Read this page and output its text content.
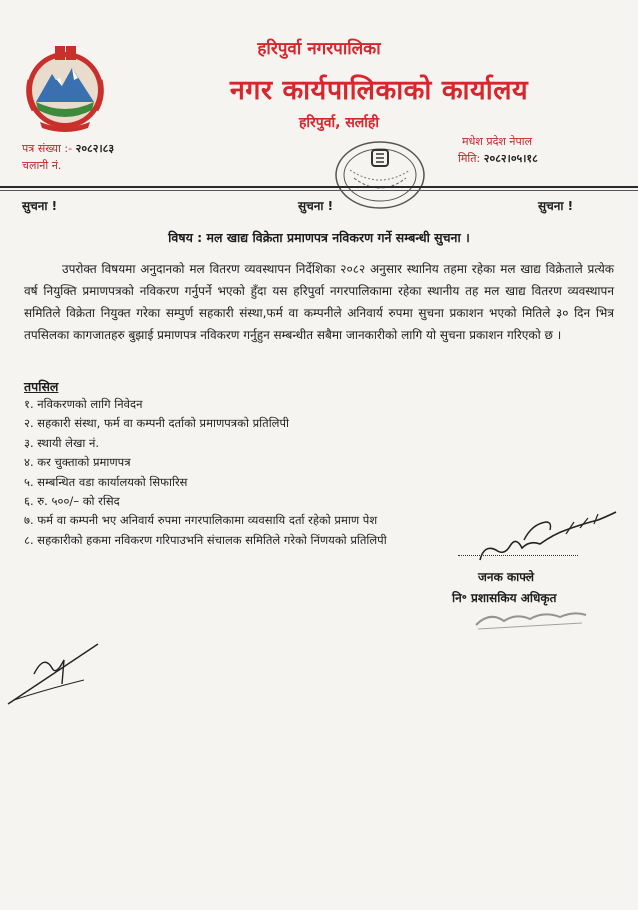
हरिपुर्वा नगरपालिका
नगर कार्यपालिकाको कार्यालय
हरिपुर्वा, सर्लाही
पत्र संख्या :- २०८२।८३
चलानी नं.
मधेश प्रदेश नेपाल
मिति: २०८२।०५।१८
सुचना !	सुचना !	सुचना !
विषय : मल खाद्य विक्रेता प्रमाणपत्र नविकरण गर्ने सम्बन्धी सुचना ।
उपरोक्त विषयमा अनुदानको मल वितरण व्यवस्थापन निर्देशिका २०८२ अनुसार स्थानिय तहमा रहेका मल खाद्य विक्रेताले प्रत्येक वर्ष नियुक्ति प्रमाणपत्रको नविकरण गर्नुपर्ने भएको हुँदा यस हरिपुर्वा नगरपालिकामा रहेका स्थानीय तह मल खाद्य वितरण व्यवस्थापन समितिले विक्रेता नियुक्त गरेका सम्पुर्ण सहकारी संस्था,फर्म वा कम्पनीले अनिवार्य रुपमा सुचना प्रकाशन भएको मितिले ३० दिन भित्र तपसिलका कागजातहरु बुझाई प्रमाणपत्र नविकरण गर्नुहुन सम्बन्धीत सबैमा जानकारीको लागि यो सुचना प्रकाशन गरिएको छ ।
तपसिल
१. नविकरणको लागि निवेदन
२. सहकारी संस्था, फर्म वा कम्पनी दर्ताको प्रमाणपत्रको प्रतिलिपी
३. स्थायी लेखा नं.
४. कर चुक्ताको प्रमाणपत्र
५. सम्बन्धित वडा कार्यालयको सिफारिस
६. रु. ५००/– को रसिद
७. फर्म वा कम्पनी भए अनिवार्य रुपमा नगरपालिकामा व्यवसायि दर्ता रहेको प्रमाण पेश
८. सहकारीको हकमा नविकरण गरिपाउभनि संचालक समितिले गरेको निंणयको प्रतिलिपी
जनक काफ्ले
नि॰ प्रशासकिय अधिकृत
